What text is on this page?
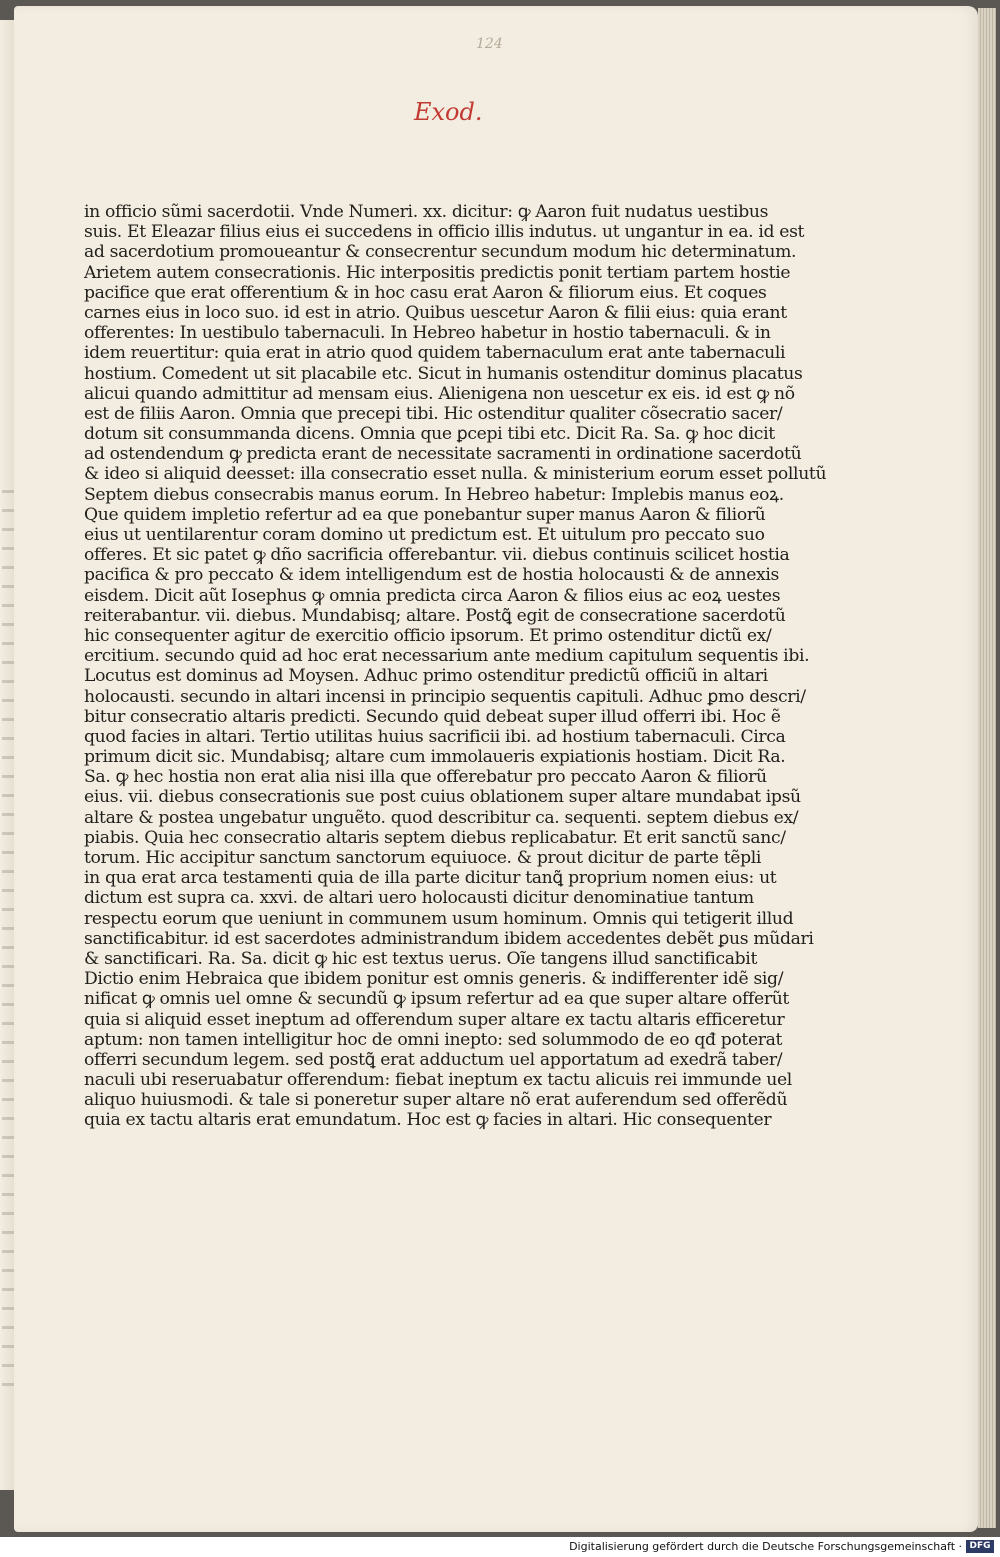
124
Exod.
in officio sũmi sacerdotii. Vnde Numeri. xx. dicitur: ꝙ Aaron fuit nudatus uestibus
suis. Et Eleazar filius eius ei succedens in officio illis indutus. ut ungantur in ea. id est
ad sacerdotium promoueantur & consecrentur secundum modum hic determinatum.
Arietem autem consecrationis. Hic interpositis predictis ponit tertiam partem hostie
pacifice que erat offerentium & in hoc casu erat Aaron & filiorum eius. Et coques
carnes eius in loco suo. id est in atrio. Quibus uescetur Aaron & filii eius: quia erant
offerentes: In uestibulo tabernaculi. In Hebreo habetur in hostio tabernaculi. & in
idem reuertitur: quia erat in atrio quod quidem tabernaculum erat ante tabernaculi
hostium. Comedent ut sit placabile etc. Sicut in humanis ostenditur dominus placatus
alicui quando admittitur ad mensam eius. Alienigena non uescetur ex eis. id est ꝙ nõ
est de filiis Aaron. Omnia que precepi tibi. Hic ostenditur qualiter cõsecratio sacer/
dotum sit consummanda dicens. Omnia que ꝑcepi tibi etc. Dicit Ra. Sa. ꝙ hoc dicit
ad ostendendum ꝙ predicta erant de necessitate sacramenti in ordinatione sacerdotũ
& ideo si aliquid deesset: illa consecratio esset nulla. & ministerium eorum esset pollutũ
Septem diebus consecrabis manus eorum. In Hebreo habetur: Implebis manus eoꝝ.
Que quidem impletio refertur ad ea que ponebantur super manus Aaron & filiorũ
eius ut uentilarentur coram domino ut predictum est. Et uitulum pro peccato suo
offeres. Et sic patet ꝙ dño sacrificia offerebantur. vii. diebus continuis scilicet hostia
pacifica & pro peccato & idem intelligendum est de hostia holocausti & de annexis
eisdem. Dicit aũt Iosephus ꝙ omnia predicta circa Aaron & filios eius ac eoꝝ uestes
reiterabantur. vii. diebus. Mundabisq; altare. Postꝗ̃ egit de consecratione sacerdotũ
hic consequenter agitur de exercitio officio ipsorum. Et primo ostenditur dictũ ex/
ercitium. secundo quid ad hoc erat necessarium ante medium capitulum sequentis ibi.
Locutus est dominus ad Moysen. Adhuc primo ostenditur predictũ officiũ in altari
holocausti. secundo in altari incensi in principio sequentis capituli. Adhuc ꝑmo descri/
bitur consecratio altaris predicti. Secundo quid debeat super illud offerri ibi. Hoc ẽ
quod facies in altari. Tertio utilitas huius sacrificii ibi. ad hostium tabernaculi. Circa
primum dicit sic. Mundabisq; altare cum immolaueris expiationis hostiam. Dicit Ra.
Sa. ꝙ hec hostia non erat alia nisi illa que offerebatur pro peccato Aaron & filiorũ
eius. vii. diebus consecrationis sue post cuius oblationem super altare mundabat ipsũ
altare & postea ungebatur unguẽto. quod describitur ca. sequenti. septem diebus ex/
piabis. Quia hec consecratio altaris septem diebus replicabatur. Et erit sanctũ sanc/
torum. Hic accipitur sanctum sanctorum equiuoce. & prout dicitur de parte tẽpli
in qua erat arca testamenti quia de illa parte dicitur tanꝗ̃ proprium nomen eius: ut
dictum est supra ca. xxvi. de altari uero holocausti dicitur denominatiue tantum
respectu eorum que ueniunt in communem usum hominum. Omnis qui tetigerit illud
sanctificabitur. id est sacerdotes administrandum ibidem accedentes debẽt ꝑus mũdari
& sanctificari. Ra. Sa. dicit ꝙ hic est textus uerus. Oĩe tangens illud sanctificabit
Dictio enim Hebraica que ibidem ponitur est omnis generis. & indifferenter idẽ sig/
nificat ꝙ omnis uel omne & secundũ ꝙ ipsum refertur ad ea que super altare offerũt
quia si aliquid esset ineptum ad offerendum super altare ex tactu altaris efficeretur
aptum: non tamen intelligitur hoc de omni inepto: sed solummodo de eo qđ poterat
offerri secundum legem. sed postꝗ̃ erat adductum uel apportatum ad exedrã taber/
naculi ubi reseruabatur offerendum: fiebat ineptum ex tactu alicuis rei immunde uel
aliquo huiusmodi. & tale si poneretur super altare nõ erat auferendum sed offerẽdũ
quia ex tactu altaris erat emundatum. Hoc est ꝙ facies in altari. Hic consequenter
Digitalisierung gefördert durch die Deutsche Forschungsgemeinschaft · DFG
